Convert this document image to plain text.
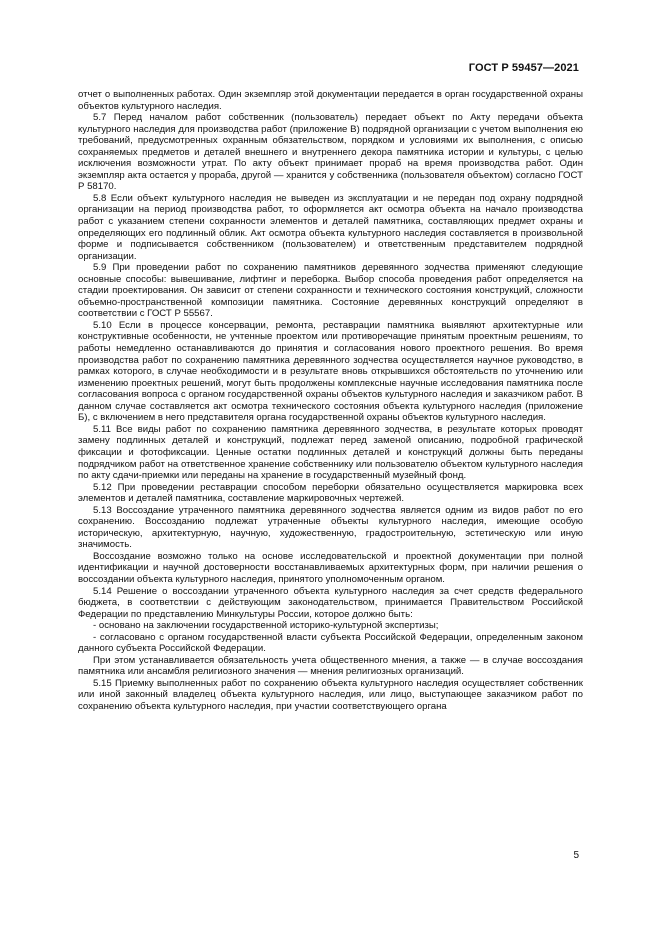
ГОСТ Р 59457—2021

отчет о выполненных работах. Один экземпляр этой документации передается в орган государственной охраны объектов культурного наследия.

5.7 Перед началом работ собственник (пользователь) передает объект по Акту передачи объекта культурного наследия для производства работ (приложение В) подрядной организации с учетом выполнения ею требований, предусмотренных охранным обязательством, порядком и условиями их выполнения, с описью сохраняемых предметов и деталей внешнего и внутреннего декора памятника истории и культуры, с целью исключения возможности утрат. По акту объект принимает прораб на время производства работ. Один экземпляр акта остается у прораба, другой — хранится у собственника (пользователя объектом) согласно ГОСТ Р 58170.

5.8 Если объект культурного наследия не выведен из эксплуатации и не передан под охрану подрядной организации на период производства работ, то оформляется акт осмотра объекта на начало производства работ с указанием степени сохранности элементов и деталей памятника, составляющих предмет охраны и определяющих его подлинный облик. Акт осмотра объекта культурного наследия составляется в произвольной форме и подписывается собственником (пользователем) и ответственным представителем подрядной организации.

5.9 При проведении работ по сохранению памятников деревянного зодчества применяют следующие основные способы: вывешивание, лифтинг и переборка. Выбор способа проведения работ определяется на стадии проектирования. Он зависит от степени сохранности и технического состояния конструкций, сложности объемно-пространственной композиции памятника. Состояние деревянных конструкций определяют в соответствии с ГОСТ Р 55567.

5.10 Если в процессе консервации, ремонта, реставрации памятника выявляют архитектурные или конструктивные особенности, не учтенные проектом или противоречащие принятым проектным решениям, то работы немедленно останавливаются до принятия и согласования нового проектного решения. Во время производства работ по сохранению памятника деревянного зодчества осуществляется научное руководство, в рамках которого, в случае необходимости и в результате вновь открывшихся обстоятельств по уточнению или изменению проектных решений, могут быть продолжены комплексные научные исследования памятника после согласования вопроса с органом государственной охраны объектов культурного наследия и заказчиком работ. В данном случае составляется акт осмотра технического состояния объекта культурного наследия (приложение Б), с включением в него представителя органа государственной охраны объектов культурного наследия.

5.11 Все виды работ по сохранению памятника деревянного зодчества, в результате которых проводят замену подлинных деталей и конструкций, подлежат перед заменой описанию, подробной графической фиксации и фотофиксации. Ценные остатки подлинных деталей и конструкций должны быть переданы подрядчиком работ на ответственное хранение собственнику или пользователю объектом культурного наследия по акту сдачи-приемки или переданы на хранение в государственный музейный фонд.

5.12 При проведении реставрации способом переборки обязательно осуществляется маркировка всех элементов и деталей памятника, составление маркировочных чертежей.

5.13 Воссоздание утраченного памятника деревянного зодчества является одним из видов работ по его сохранению. Воссозданию подлежат утраченные объекты культурного наследия, имеющие особую историческую, архитектурную, научную, художественную, градостроительную, эстетическую или иную значимость.

Воссоздание возможно только на основе исследовательской и проектной документации при полной идентификации и научной достоверности восстанавливаемых архитектурных форм, при наличии решения о воссоздании объекта культурного наследия, принятого уполномоченным органом.

5.14 Решение о воссоздании утраченного объекта культурного наследия за счет средств федерального бюджета, в соответствии с действующим законодательством, принимается Правительством Российской Федерации по представлению Минкультуры России, которое должно быть:

- основано на заключении государственной историко-культурной экспертизы;

- согласовано с органом государственной власти субъекта Российской Федерации, определенным законом данного субъекта Российской Федерации.

При этом устанавливается обязательность учета общественного мнения, а также — в случае воссоздания памятника или ансамбля религиозного значения — мнения религиозных организаций.

5.15 Приемку выполненных работ по сохранению объекта культурного наследия осуществляет собственник или иной законный владелец объекта культурного наследия, или лицо, выступающее заказчиком работ по сохранению объекта культурного наследия, при участии соответствующего органа

5
